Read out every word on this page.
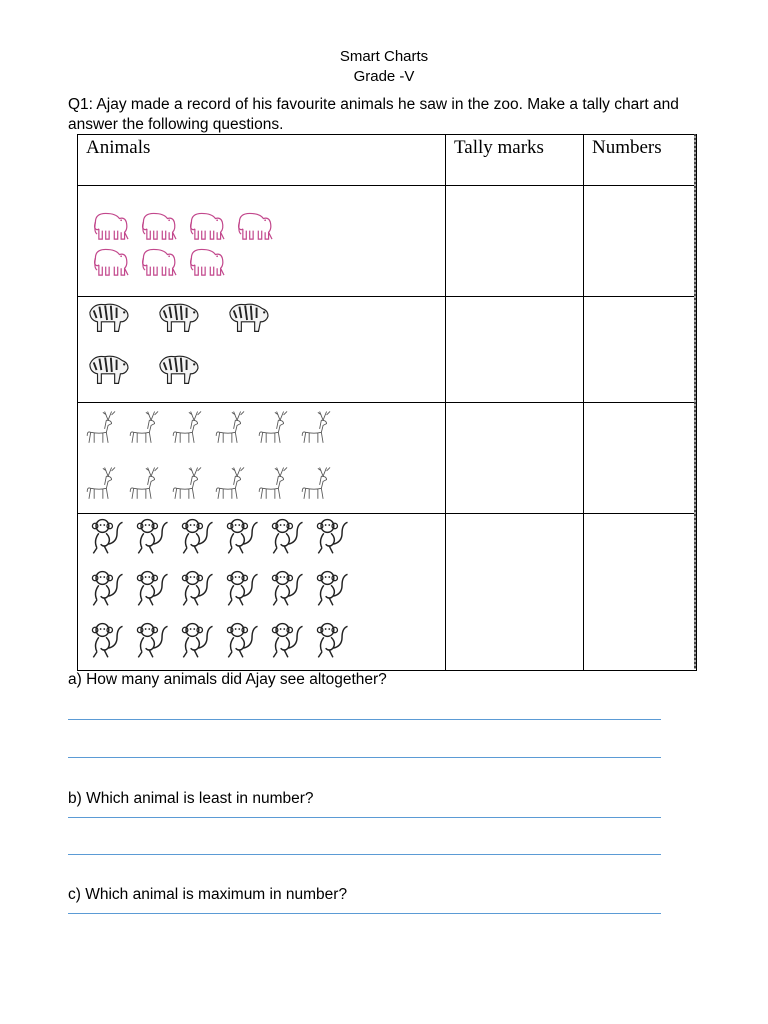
Smart Charts
Grade -V
Q1: Ajay made a record of his favourite animals he saw in the zoo. Make a tally chart and answer the following questions.
Animals	Tally marks	Numbers

a) How many animals did Ajay see altogether?
b) Which animal is least in number?
c) Which animal is maximum in number?
